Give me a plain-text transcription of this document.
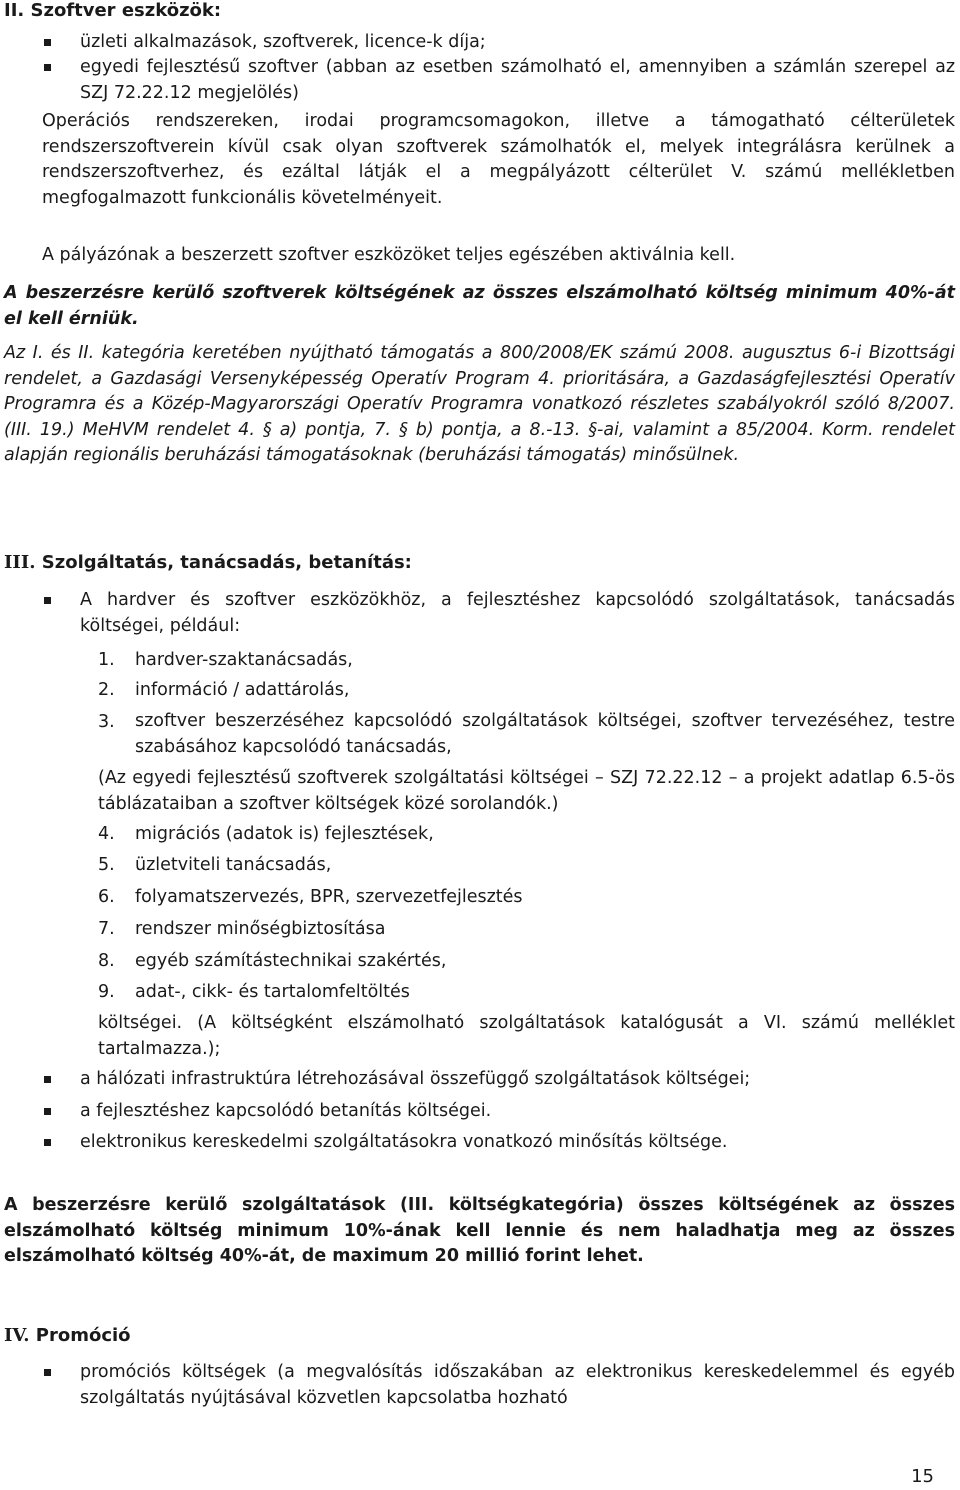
II. Szoftver eszközök:
üzleti alkalmazások, szoftverek, licence-k díja;

egyedi fejlesztésű szoftver (abban az esetben számolható el, amennyiben a számlán szerepel az SZJ 72.22.12 megjelölés)

Operációs rendszereken, irodai programcsomagokon, illetve a támogatható célterületek rendszerszoftverein kívül csak olyan szoftverek számolhatók el, melyek integrálásra kerülnek a rendszerszoftverhez, és ezáltal látják el a megpályázott célterület V. számú mellékletben megfogalmazott funkcionális követelményeit.

A pályázónak a beszerzett szoftver eszközöket teljes egészében aktiválnia kell.

A beszerzésre kerülő szoftverek költségének az összes elszámolható költség minimum 40%-át el kell érniük.

Az I. és II. kategória keretében nyújtható támogatás a 800/2008/EK számú 2008. augusztus 6-i Bizottsági rendelet, a Gazdasági Versenyképesség Operatív Program 4. prioritására, a Gazdaságfejlesztési Operatív Programra és a Közép-Magyarországi Operatív Programra vonatkozó részletes szabályokról szóló 8/2007. (III. 19.) MeHVM rendelet 4. § a) pontja, 7. § b) pontja, a 8.-13. §-ai, valamint a 85/2004. Korm. rendelet alapján regionális beruházási támogatásoknak (beruházási támogatás) minősülnek.

III. Szolgáltatás, tanácsadás, betanítás:

A hardver és szoftver eszközökhöz, a fejlesztéshez kapcsolódó szolgáltatások, tanácsadás költségei, például:

1. hardver-szaktanácsadás,
2. információ / adattárolás,
3.	szoftver beszerzéséhez kapcsolódó szolgáltatások költségei, szoftver tervezéséhez, testre szabásához kapcsolódó tanácsadás,

(Az egyedi fejlesztésű szoftverek szolgáltatási költségei – SZJ 72.22.12 – a projekt adatlap 6.5-ös táblázataiban a szoftver költségek közé sorolandók.)

4. migrációs (adatok is) fejlesztések,
5. üzletviteli tanácsadás,
6. folyamatszervezés, BPR, szervezetfejlesztés
7. rendszer minőségbiztosítása
8. egyéb számítástechnikai szakértés,
9. adat-, cikk- és tartalomfeltöltés

költségei. (A költségként elszámolható szolgáltatások katalógusát a VI. számú melléklet tartalmazza.);

a hálózati infrastruktúra létrehozásával összefüggő szolgáltatások költségei;
a fejlesztéshez kapcsolódó betanítás költségei.
elektronikus kereskedelmi szolgáltatásokra vonatkozó minősítás költsége.

A beszerzésre kerülő szolgáltatások (III. költségkategória) összes költségének az összes elszámolható költség minimum 10%-ának kell lennie és nem haladhatja meg az összes elszámolható költség 40%-át, de maximum 20 millió forint lehet.

IV. Promóció

promóciós költségek (a megvalósítás időszakában az elektronikus kereskedelemmel és egyéb szolgáltatás nyújtásával közvetlen kapcsolatba hozható

15
